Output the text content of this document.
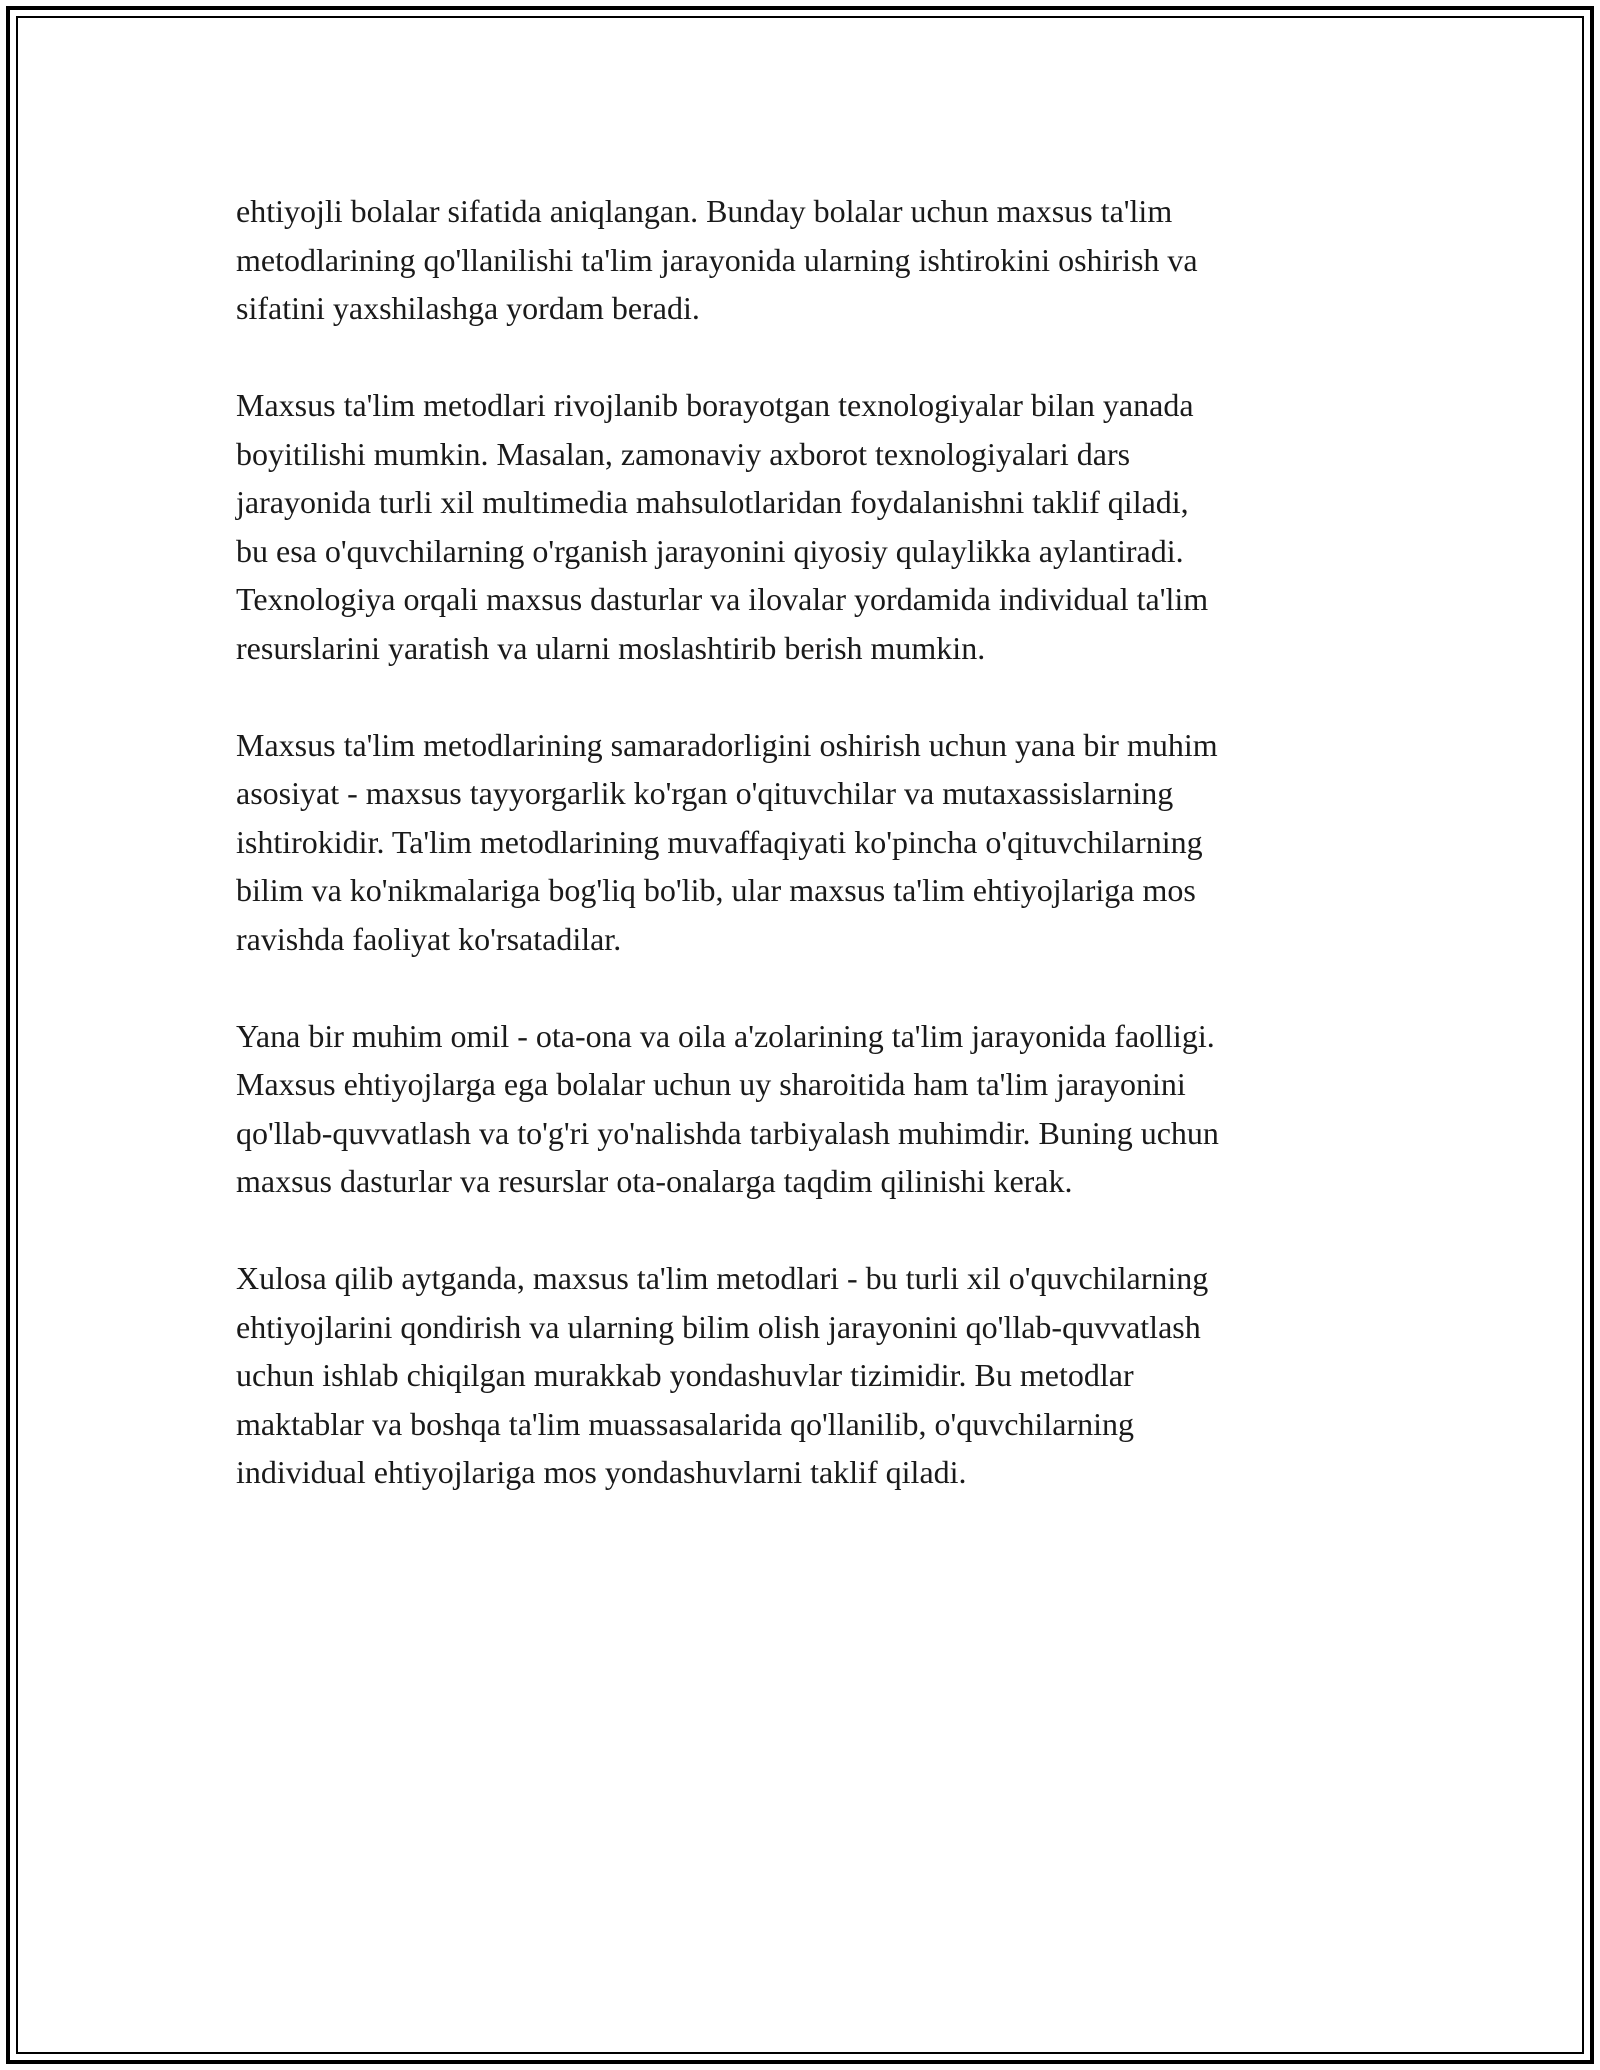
ehtiyojli bolalar sifatida aniqlangan. Bunday bolalar uchun maxsus ta'lim
metodlarining qo'llanilishi ta'lim jarayonida ularning ishtirokini oshirish va
sifatini yaxshilashga yordam beradi.

Maxsus ta'lim metodlari rivojlanib borayotgan texnologiyalar bilan yanada
boyitilishi mumkin. Masalan, zamonaviy axborot texnologiyalari dars
jarayonida turli xil multimedia mahsulotlaridan foydalanishni taklif qiladi,
bu esa o'quvchilarning o'rganish jarayonini qiyosiy qulaylikka aylantiradi.
Texnologiya orqali maxsus dasturlar va ilovalar yordamida individual ta'lim
resurslarini yaratish va ularni moslashtirib berish mumkin.

Maxsus ta'lim metodlarining samaradorligini oshirish uchun yana bir muhim
asosiyat - maxsus tayyorgarlik ko'rgan o'qituvchilar va mutaxassislarning
ishtirokidir. Ta'lim metodlarining muvaffaqiyati ko'pincha o'qituvchilarning
bilim va ko'nikmalariga bog'liq bo'lib, ular maxsus ta'lim ehtiyojlariga mos
ravishda faoliyat ko'rsatadilar.

Yana bir muhim omil - ota-ona va oila a'zolarining ta'lim jarayonida faolligi.
Maxsus ehtiyojlarga ega bolalar uchun uy sharoitida ham ta'lim jarayonini
qo'llab-quvvatlash va to'g'ri yo'nalishda tarbiyalash muhimdir. Buning uchun
maxsus dasturlar va resurslar ota-onalarga taqdim qilinishi kerak.

Xulosa qilib aytganda, maxsus ta'lim metodlari - bu turli xil o'quvchilarning
ehtiyojlarini qondirish va ularning bilim olish jarayonini qo'llab-quvvatlash
uchun ishlab chiqilgan murakkab yondashuvlar tizimidir. Bu metodlar
maktablar va boshqa ta'lim muassasalarida qo'llanilib, o'quvchilarning
individual ehtiyojlariga mos yondashuvlarni taklif qiladi.
